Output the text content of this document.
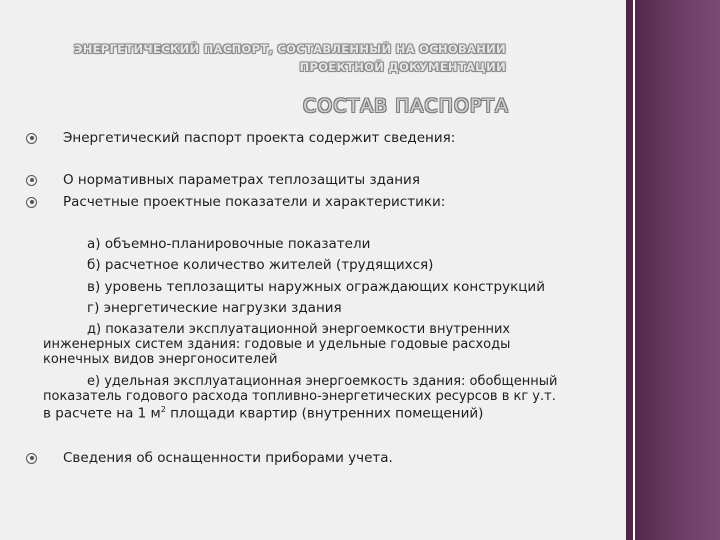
ЭНЕРГЕТИЧЕСКИЙ ПАСПОРТ, СОСТАВЛЕННЫЙ НА ОСНОВАНИИ
ПРОЕКТНОЙ ДОКУМЕНТАЦИИ
СОСТАВ ПАСПОРТА
Энергетический паспорт проекта содержит сведения:
О нормативных параметрах теплозащиты здания
Расчетные проектные показатели и характеристики:
а) объемно-планировочные показатели
б) расчетное количество жителей (трудящихся)
в) уровень теплозащиты наружных ограждающих конструкций
г) энергетические нагрузки здания
д) показатели эксплуатационной энергоемкости внутренних
инженерных систем здания: годовые и удельные годовые расходы
конечных видов энергоносителей
е) удельная эксплуатационная энергоемкость здания: обобщенный
показатель годового расхода топливно-энергетических ресурсов в кг у.т.
в расчете на 1 $м^2$ площади квартир (внутренних помещений)
Сведения об оснащенности приборами учета.
